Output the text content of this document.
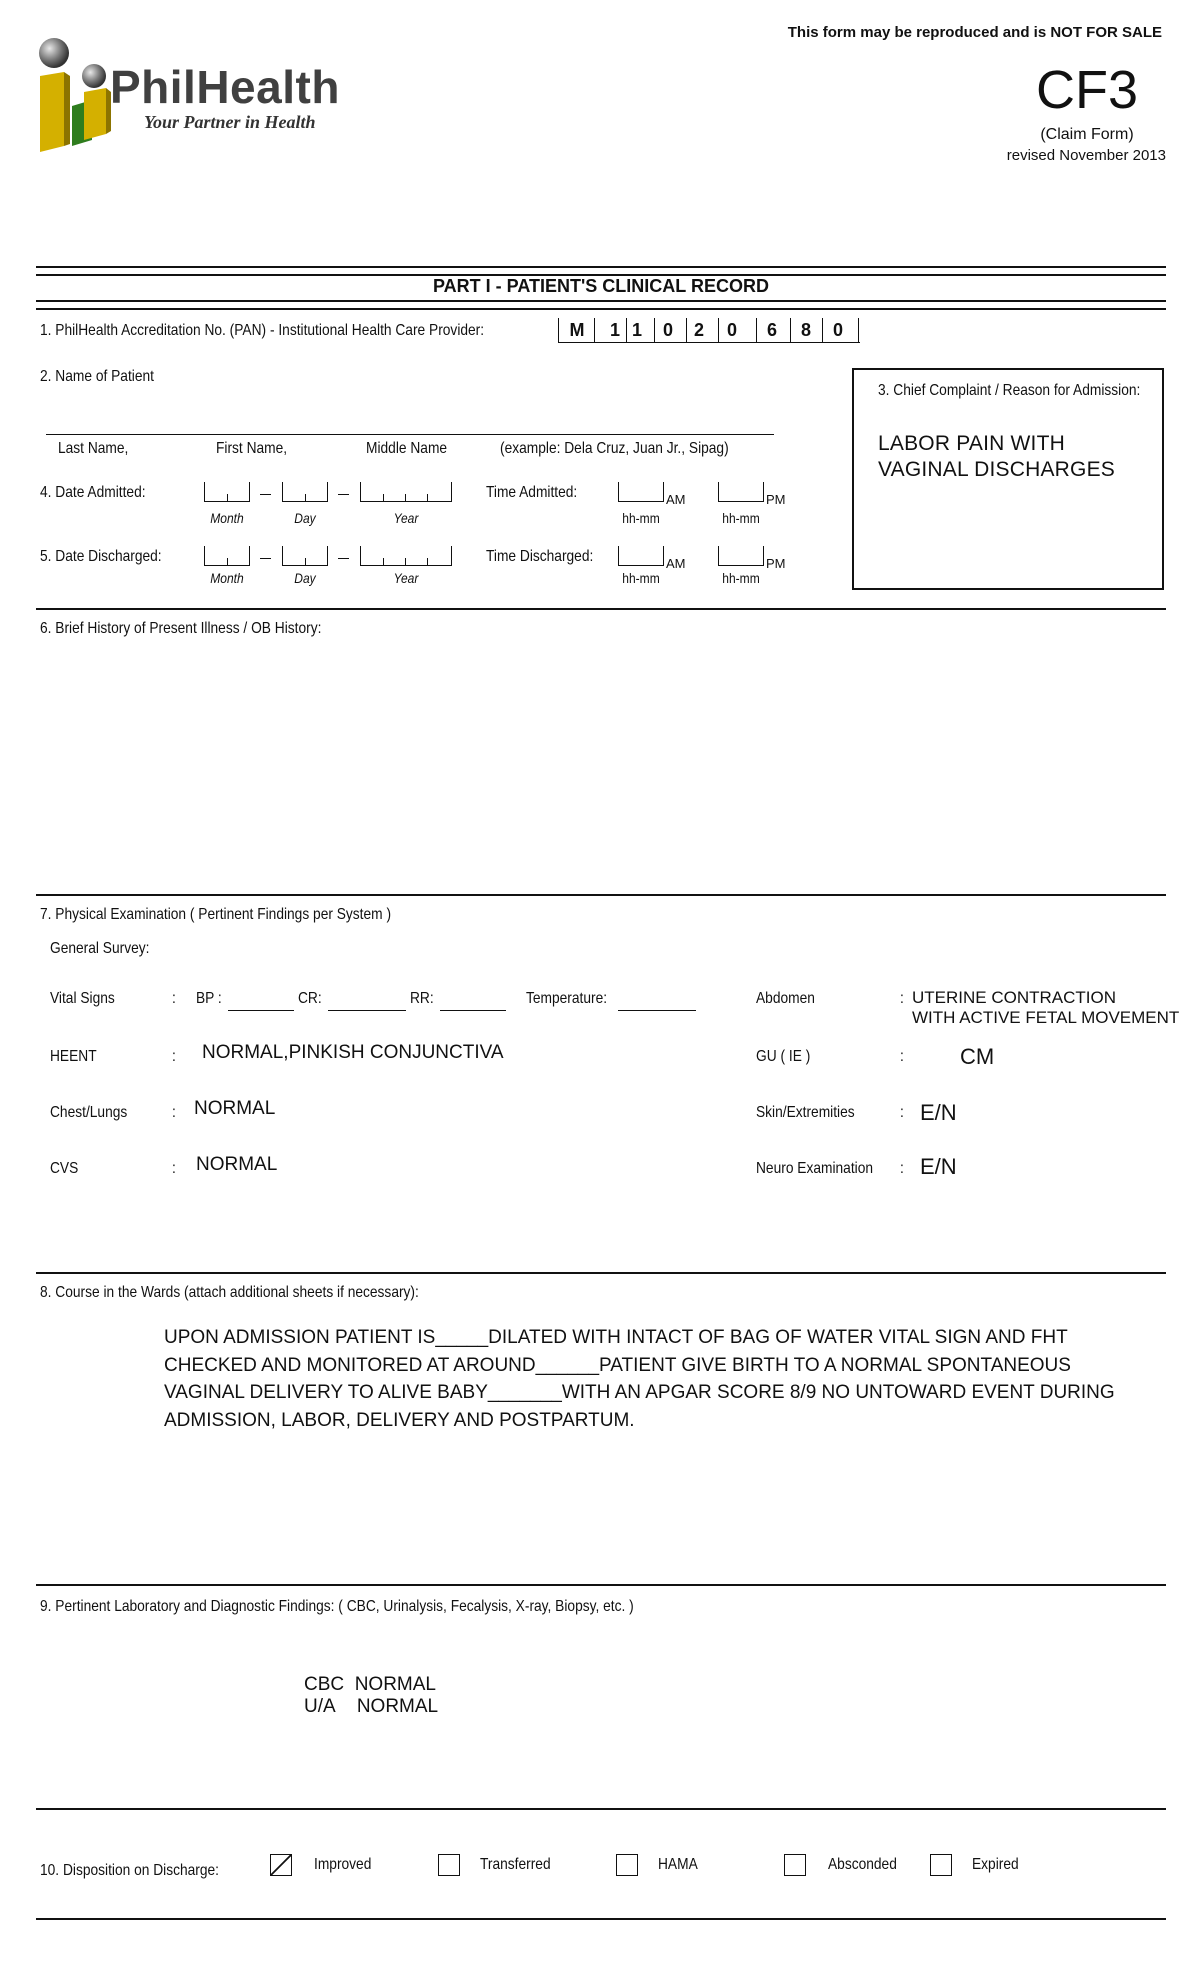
PhilHealth
Your Partner in Health
This form may be reproduced and is NOT FOR SALE
CF3
(Claim Form)
revised November 2013
PART I - PATIENT'S CLINICAL RECORD
1. PhilHealth Accreditation No. (PAN) - Institutional Health Care Provider:	M 1 1 0 2 0 6 8 0
2. Name of Patient
Last Name,	First Name,	Middle Name	(example: Dela Cruz, Juan Jr., Sipag)
3. Chief Complaint / Reason for Admission:
LABOR PAIN WITH
VAGINAL DISCHARGES
4. Date Admitted:
Month	Day	Year
Time Admitted:	AM	PM
hh-mm	hh-mm
5. Date Discharged:
Month	Day	Year
Time Discharged:	AM	PM
hh-mm	hh-mm
6. Brief History of Present Illness / OB History:
7. Physical Examination ( Pertinent Findings per System )
General Survey:
Vital Signs	: BP :	CR:	RR:	Temperature:
HEENT	: NORMAL,PINKISH CONJUNCTIVA
Chest/Lungs	: NORMAL
CVS	: NORMAL
Abdomen	: UTERINE CONTRACTION
WITH ACTIVE FETAL MOVEMENT
GU ( IE )	:	CM
Skin/Extremities	: E/N
Neuro Examination : E/N
8. Course in the Wards (attach additional sheets if necessary):
UPON ADMISSION PATIENT IS_____DILATED WITH INTACT OF BAG OF WATER VITAL SIGN AND FHT
CHECKED AND MONITORED AT AROUND______PATIENT GIVE BIRTH TO A NORMAL SPONTANEOUS
VAGINAL DELIVERY TO ALIVE BABY_______WITH AN APGAR SCORE 8/9 NO UNTOWARD EVENT DURING
ADMISSION, LABOR, DELIVERY AND POSTPARTUM.
9. Pertinent Laboratory and Diagnostic Findings: ( CBC, Urinalysis, Fecalysis, X-ray, Biopsy, etc. )
CBC NORMAL
U/A NORMAL
10. Disposition on Discharge:	Improved	Transferred	HAMA	Absconded	Expired
